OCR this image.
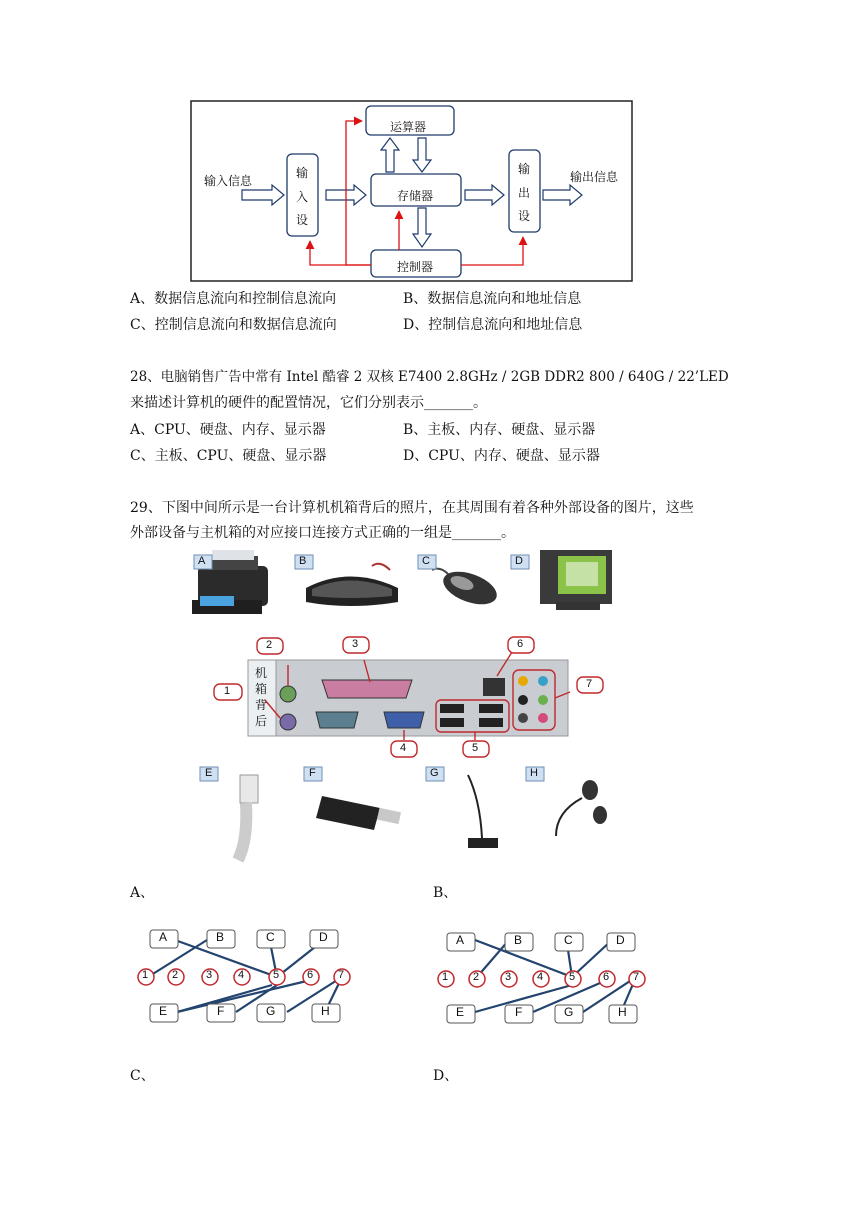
输入信息
运算器
存储器
控制器
输出信息
输
入
设
输
出
设
A、数据信息流向和控制信息流向	B、数据信息流向和地址信息
C、控制信息流向和数据信息流向	D、控制信息流向和地址信息
28、电脑销售广告中常有 Intel 酷睿 2 双核 E7400 2.8GHz / 2GB DDR2 800 / 640G / 22’LED
来描述计算机的硬件的配置情况，它们分别表示_______。
A、CPU、硬盘、内存、显示器	B、主板、内存、硬盘、显示器
C、主板、CPU、硬盘、显示器	D、CPU、内存、硬盘、显示器
29、下图中间所示是一台计算机机箱背后的照片，在其周围有着各种外部设备的图片，这些
外部设备与主机箱的对应接口连接方式正确的一组是_______。
A	B	C	D
E	F	G	H
1
2	3
4	5
6
7
机
箱
背
后
A、	B、
C、	D、
A	B	C	D
1 2	3 4	5	6 7
E	F	G	H
A	B	C	D
1 2 3 4 5	6 7
E	F	G	H
